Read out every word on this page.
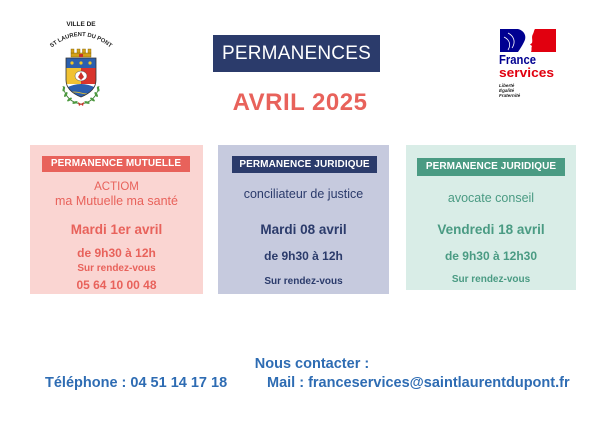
VILLE DE
ST LAURENT DU PONT	PERMANENCES
AVRIL 2025
France
services
Liberté
Égalité
Fraternité
PERMANENCE MUTUELLE
ACTIOM
ma Mutuelle ma santé
Mardi 1er avril
de 9h30 à 12h
Sur rendez-vous
05 64 10 00 48
PERMANENCE JURIDIQUE
conciliateur de justice
Mardi 08 avril
de 9h30 à 12h
Sur rendez-vous
PERMANENCE JURIDIQUE
avocate conseil
Vendredi 18 avril
de 9h30 à 12h30
Sur rendez-vous
Nous contacter :
Téléphone : 04 51 14 17 18	Mail : franceservices@saintlaurentdupont.fr
